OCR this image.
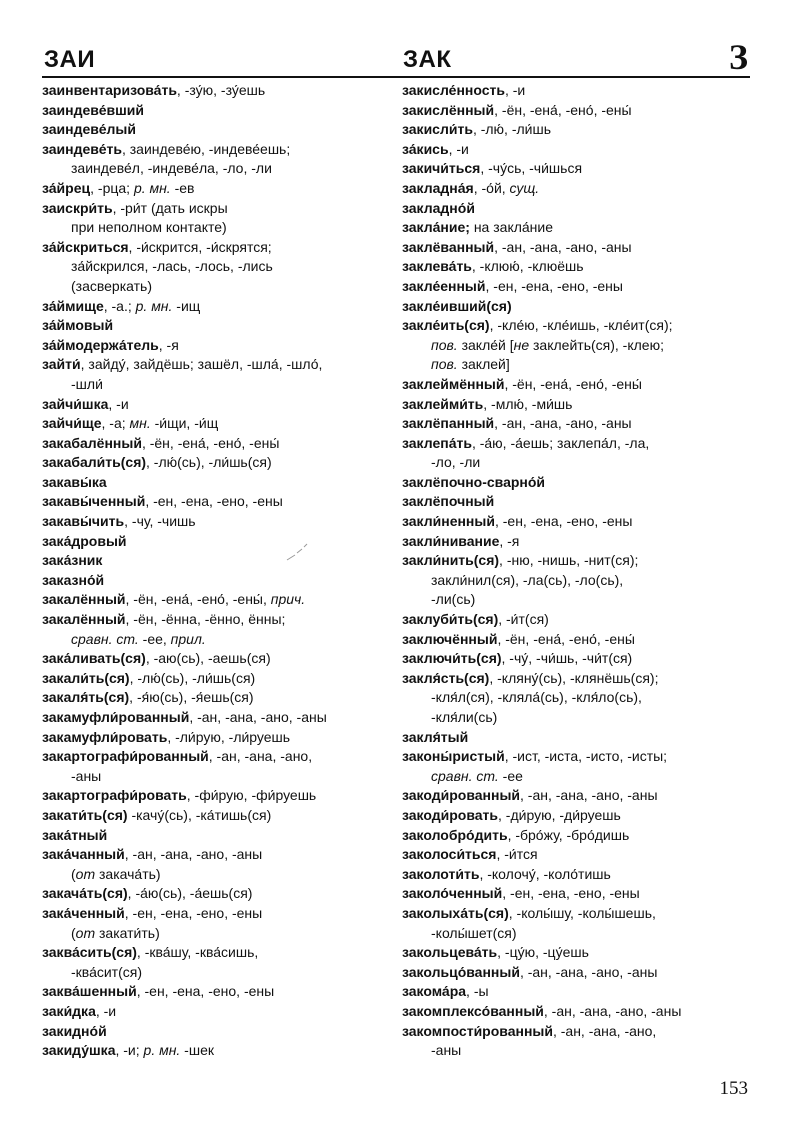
ЗАИ	ЗАК	З
заинвентаризова́ть, -зу́ю, -зу́ешь
заиндеве́вший
заиндеве́лый
заиндеве́ть, заиндеве́ю, -индеве́ешь;
заиндеве́л, -индеве́ла, -ло, -ли
за́йрец, -рца; р. мн. -ев
заискри́ть, -ри́т (дать искры
при неполном контакте)
за́йскриться, -и́скрится, -и́скрятся;
за́йскрился, -лась, -лось, -лись
(засверкать)
за́ймище, -а.; р. мн. -ищ
за́ймовый
за́ймодержа́тель, -я
зайти́, зайду́, зайдёшь; зашёл, -шла́, -шло́,
-шли́
зайчи́шка, -и
зайчи́ще, -а; мн. -и́щи, -и́щ
закабалённый, -ён, -ена́, -ено́, -ены́
закабали́ть(ся), -лю́(сь), -ли́шь(ся)
закавы́ка
закавы́ченный, -ен, -ена, -ено, -ены
закавы́чить, -чу, -чишь
зака́дровый
зака́зник
заказно́й
закалённый, -ён, -ена́, -ено́, -ены́, прич.
закалённый, -ён, -ённа, -ённо, ённы;
сравн. ст. -ее, прил.
зака́ливать(ся), -аю(сь), -аешь(ся)
закали́ть(ся), -лю́(сь), -ли́шь(ся)
закаля́ть(ся), -я́ю(сь), -я́ешь(ся)
закамуфли́рованный, -ан, -ана, -ано, -аны
закамуфли́ровать, -ли́рую, -ли́руешь
закартографи́рованный, -ан, -ана, -ано,
-аны
закартографи́ровать, -фи́рую, -фи́руешь
закати́ть(ся) -качу́(сь), -ка́тишь(ся)
зака́тный
зака́чанный, -ан, -ана, -ано, -аны
(от закача́ть)
закача́ть(ся), -а́ю(сь), -а́ешь(ся)
зака́ченный, -ен, -ена, -ено, -ены
(от закати́ть)
заква́сить(ся), -ква́шу, -ква́сишь,
-ква́сит(ся)
заква́шенный, -ен, -ена, -ено, -ены
заки́дка, -и
закидно́й
закиду́шка, -и; р. мн. -шек
закисле́нность, -и
закислённый, -ён, -ена́, -ено́, -ены́
закисли́ть, -лю́, -ли́шь
за́кись, -и
закичи́ться, -чу́сь, -чи́шься
закладна́я, -о́й, сущ.
закладно́й
закла́ние; на закла́ние
заклёванный, -ан, -ана, -ано, -аны
заклева́ть, -клюю́, -клюёшь
закле́енный, -ен, -ена, -ено, -ены
закле́ивший(ся)
закле́ить(ся), -кле́ю, -кле́ишь, -кле́ит(ся);
пов. закле́й [не заклейть(ся), -клею;
пов. заклей]
заклеймённый, -ён, -ена́, -ено́, -ены́
заклейми́ть, -млю́, -ми́шь
заклёпанный, -ан, -ана, -ано, -аны
заклепа́ть, -а́ю, -а́ешь; заклепа́л, -ла,
-ло, -ли
заклёпочно-сварно́й
заклёпочный
закли́ненный, -ен, -ена, -ено, -ены
закли́нивание, -я
закли́нить(ся), -ню, -нишь, -нит(ся);
закли́нил(ся), -ла(сь), -ло(сь),
-ли(сь)
заклуби́ть(ся), -и́т(ся)
заключённый, -ён, -ена́, -ено́, -ены́
заключи́ть(ся), -чу́, -чи́шь, -чи́т(ся)
закля́сть(ся), -кляну́(сь), -клянёшь(ся);
-кля́л(ся), -кляла́(сь), -кля́ло(сь),
-кля́ли(сь)
закля́тый
законы́ристый, -ист, -иста, -исто, -исты;
сравн. ст. -ее
закоди́рованный, -ан, -ана, -ано, -аны
закоди́ровать, -ди́рую, -ди́руешь
заколобро́дить, -бро́жу, -бро́дишь
заколоси́ться, -и́тся
заколоти́ть, -колочу́, -коло́тишь
заколо́ченный, -ен, -ена, -ено, -ены
заколыха́ть(ся), -колы́шу, -колы́шешь,
-колы́шет(ся)
закольцева́ть, -цу́ю, -цу́ешь
закольцо́ванный, -ан, -ана, -ано, -аны
закома́ра, -ы
закомплексо́ванный, -ан, -ана, -ано, -аны
закомпости́рованный, -ан, -ана, -ано,
-аны
153
